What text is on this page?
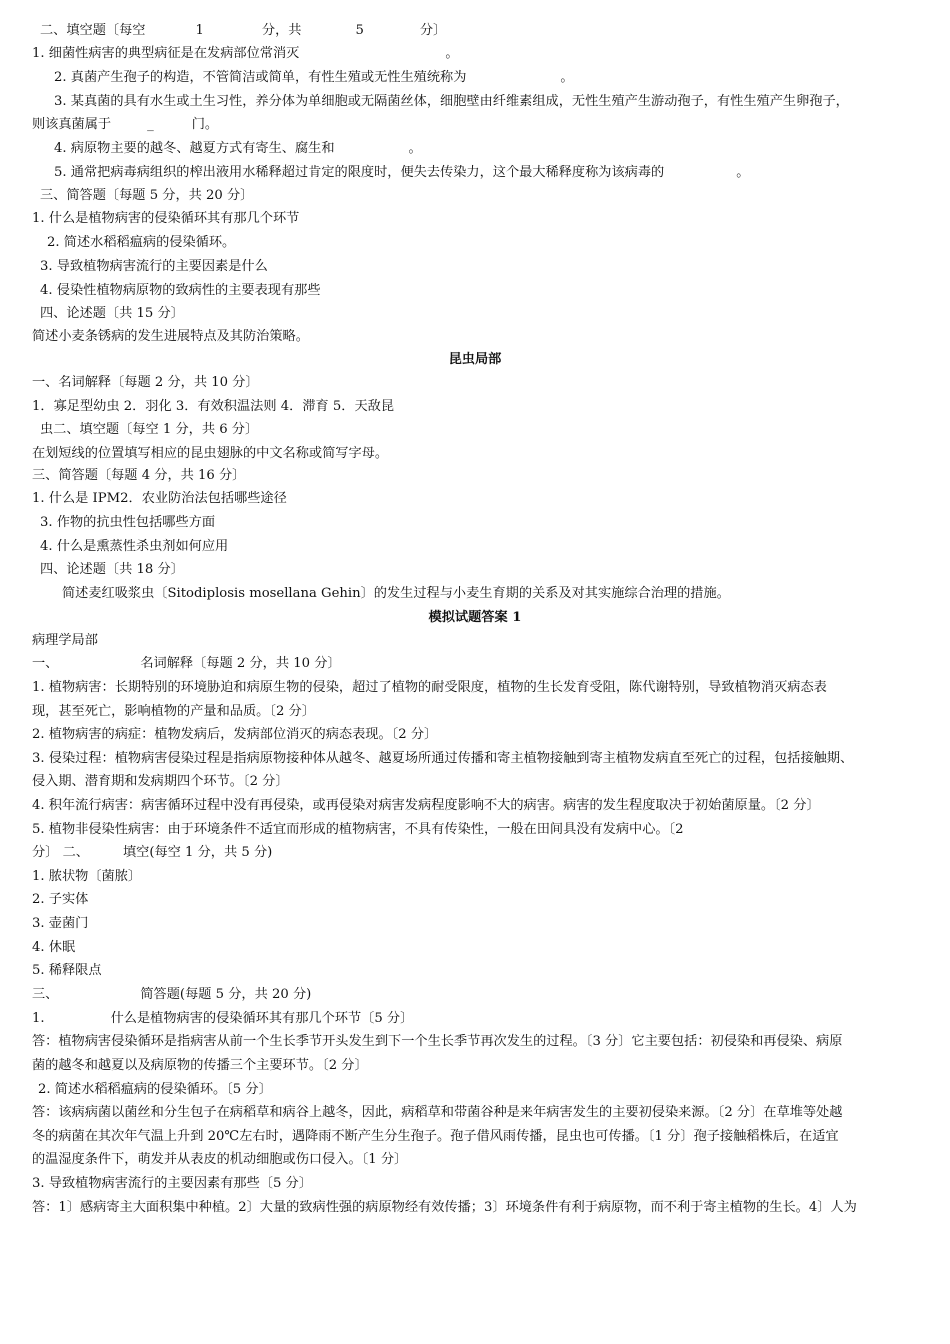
二、填空题〔每空	1	分，共	5	分〕
1. 细菌性病害的典型病征是在发病部位常消灭	。
2. 真菌产生孢子的构造，不管简洁或简单，有性生殖或无性生殖统称为	。
3. 某真菌的具有水生或土生习性，养分体为单细胞或无隔菌丝体，细胞壁由纤维素组成，无性生殖产生游动孢子，有性生殖产生卵孢子，
则该真菌属于	_	门。
4. 病原物主要的越冬、越夏方式有寄生、腐生和	。
5. 通常把病毒病组织的榨出液用水稀释超过肯定的限度时，便失去传染力，这个最大稀释度称为该病毒的	。
三、简答题〔每题 5 分，共 20 分〕
1. 什么是植物病害的侵染循环其有那几个环节
2. 简述水稻稻瘟病的侵染循环。
3. 导致植物病害流行的主要因素是什么
4. 侵染性植物病原物的致病性的主要表现有那些
四、论述题〔共 15 分〕
简述小麦条锈病的发生进展特点及其防治策略。
昆虫局部
一、名词解释〔每题 2 分，共 10 分〕
1．寡足型幼虫 2．羽化 3．有效积温法则 4．滞育 5．天敌昆
虫二、填空题〔每空 1 分，共 6 分〕
在划短线的位置填写相应的昆虫翅脉的中文名称或简写字母。
三、简答题〔每题 4 分，共 16 分〕
1. 什么是 IPM2．农业防治法包括哪些途径
3. 作物的抗虫性包括哪些方面
4. 什么是熏蒸性杀虫剂如何应用
四、论述题〔共 18 分〕
简述麦红吸浆虫〔Sitodiplosis mosellana Gehin〕的发生过程与小麦生育期的关系及对其实施综合治理的措施。
模拟试题答案 1
病理学局部
一、	名词解释〔每题 2 分，共 10 分〕
1. 植物病害：长期特别的环境胁迫和病原生物的侵染，超过了植物的耐受限度，植物的生长发育受阻，陈代谢特别，导致植物消灭病态表
现，甚至死亡，影响植物的产量和品质。〔2 分〕
2. 植物病害的病症：植物发病后，发病部位消灭的病态表现。〔2 分〕
3. 侵染过程：植物病害侵染过程是指病原物接种体从越冬、越夏场所通过传播和寄主植物接触到寄主植物发病直至死亡的过程，包括接触期、
侵入期、潜育期和发病期四个环节。〔2 分〕
4. 积年流行病害：病害循环过程中没有再侵染，或再侵染对病害发病程度影响不大的病害。病害的发生程度取决于初始菌原量。〔2 分〕
5. 植物非侵染性病害：由于环境条件不适宜而形成的植物病害，不具有传染性，一般在田间具没有发病中心。〔2
分〕 二、	填空(每空 1 分，共 5 分)
1. 脓状物〔菌脓〕
2. 子实体
3. 壶菌门
4. 休眠
5. 稀释限点
三、	简答题(每题 5 分，共 20 分)
1.	什么是植物病害的侵染循环其有那几个环节〔5 分〕
答：植物病害侵染循环是指病害从前一个生长季节开头发生到下一个生长季节再次发生的过程。〔3 分〕它主要包括：初侵染和再侵染、病原
菌的越冬和越夏以及病原物的传播三个主要环节。〔2 分〕
2. 简述水稻稻瘟病的侵染循环。〔5 分〕
答：该病病菌以菌丝和分生包子在病稻草和病谷上越冬，因此，病稻草和带菌谷种是来年病害发生的主要初侵染来源。〔2 分〕在草堆等处越
冬的病菌在其次年气温上升到 20℃左右时，遇降雨不断产生分生孢子。孢子借风雨传播，昆虫也可传播。〔1 分〕孢子接触稻株后，在适宜
的温湿度条件下，萌发并从表皮的机动细胞或伤口侵入。〔1 分〕
3. 导致植物病害流行的主要因素有那些〔5 分〕
答：1〕感病寄主大面积集中种植。2〕大量的致病性强的病原物经有效传播；3〕环境条件有利于病原物，而不利于寄主植物的生长。4〕人为
